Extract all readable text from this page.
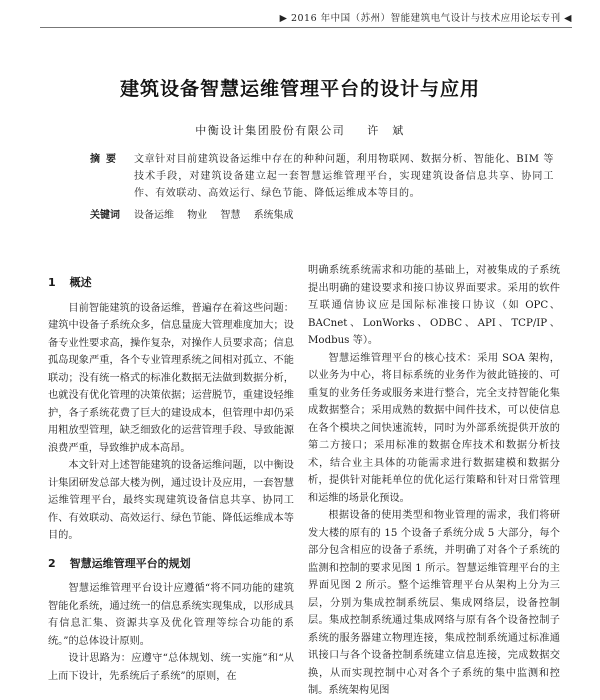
▶ 2016 年中国（苏州）智能建筑电气设计与技术应用论坛专刊 ◀
建筑设备智慧运维管理平台的设计与应用
中衡设计集团股份有限公司 许　斌
摘要 文章针对目前建筑设备运维中存在的种种问题，利用物联网、数据分析、智能化、BIM 等技术手段，对建筑设备建立起一套智慧运维管理平台，实现建筑设备信息共享、协同工作、有效联动、高效运行、绿色节能、降低运维成本等目的。
关键词 设备运维 物业 智慧 系统集成
1 概述

目前智能建筑的设备运维，普遍存在着这些问题：建筑中设备子系统众多，信息量庞大管理难度加大；设备专业性要求高，操作复杂，对操作人员要求高；信息孤岛现象严重，各个专业管理系统之间相对孤立、不能联动；没有统一格式的标准化数据无法做到数据分析，也就没有优化管理的决策依据；运营脱节，重建设轻维护，各子系统花费了巨大的建设成本，但管理中却仍采用粗放型管理，缺乏细致化的运营管理手段、导致能源浪费严重，导致维护成本高昂。

本文针对上述智能建筑的设备运维问题，以中衡设计集团研发总部大楼为例，通过设计及应用，一套智慧运维管理平台，最终实现建筑设备信息共享、协同工作、有效联动、高效运行、绿色节能、降低运维成本等目的。

2 智慧运维管理平台的规划

智慧运维管理平台设计应遵循“将不同功能的建筑智能化系统，通过统一的信息系统实现集成，以形成具有信息汇集、资源共享及优化管理等综合功能的系统。”的总体设计原则。

设计思路为：应遵守“总体规划、统一实施”和“从上而下设计，先系统后子系统”的原则，在

明确系统系统需求和功能的基础上，对被集成的子系统提出明确的建设要求和接口协议界面要求。采用的软件互联通信协议应是国际标准接口协议（如 OPC、BACnet、LonWorks、ODBC、API、TCP/IP、Modbus 等）。

智慧运维管理平台的核心技术：采用 SOA 架构，以业务为中心，将目标系统的业务作为彼此链接的、可重复的业务任务或服务来进行整合，完全支持智能化集成数据整合；采用成熟的数据中间件技术，可以使信息在各个模块之间快速流转，同时为外部系统提供开放的第二方接口；采用标准的数据仓库技术和数据分析技术，结合业主具体的功能需求进行数据建模和数据分析，提供针对能耗单位的优化运行策略和针对日常管理和运维的场景化预设。

根据设备的使用类型和物业管理的需求，我们将研发大楼的原有的 15 个设备子系统分成 5 大部分，每个部分包含相应的设备子系统，并明确了对各个子系统的监测和控制的要求见图 1 所示。智慧运维管理平台的主界面见图 2 所示。整个运维管理平台从架构上分为三层，分别为集成控制系统层、集成网络层，设备控制层。集成控制系统通过集成网络与原有各个设备控制子系统的服务器建立物理连接，集成控制系统通过标准通讯接口与各个设备控制系统建立信息连接，完成数据交换，从而实现控制中心对各个子系统的集中监测和控制。系统架构见图
